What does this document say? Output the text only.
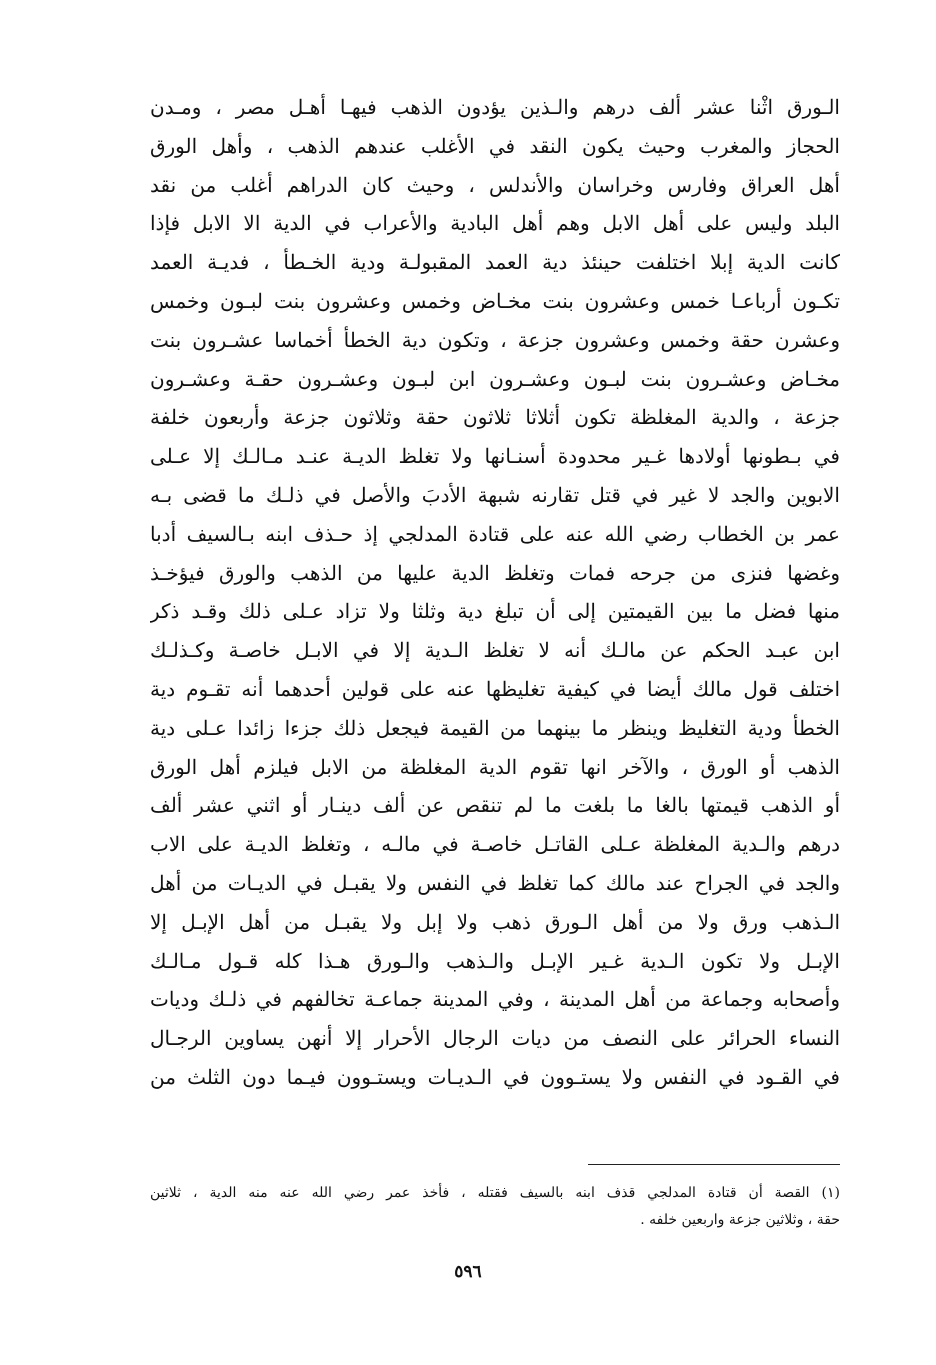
الـورق اثْنا عشر ألف درهم والـذين يؤدون الذهب فيهـا أهـل مصر ، ومـدن
الحجاز والمغرب وحيث يكون النقد في الأغلب عندهم الذهب ، وأهل الورق
أهل العراق وفارس وخراسان والأندلس ، وحيث كان الدراهم أغلب من نقد
البلد وليس على أهل الابل وهم أهل البادية والأعراب في الدية الا الابل فإذا
كانت الدية إبلا اختلفت حينئذ دية العمد المقبولـة ودية الخـطأ ، فديـة العمد
تكـون أرباعـا خمس وعشرون بنت مخـاض وخمس وعشرون بنت لبـون وخمس
وعشرن حقة وخمس وعشرون جزعة ، وتكون دية الخطأ أخماسا عشـرون بنت
مخـاض وعشـرون بنت لبـون وعشـرون ابن لبـون وعشـرون حقـة وعشـرون
جزعة ، والدية المغلظة تكون أثلاثا ثلاثون حقة وثلاثون جزعة وأربعون خلفة
في بـطونها أولادها غـير محدودة أسنـانها ولا تغلظ الديـة عنـد مـالـك إلا عـلى
الابوين والجد لا غير في قتل تقارنه شبهة الأدبَ والأصل في ذلـك ما قضى بـه
عمر بن الخطاب رضي الله عنه على قتادة المدلجي إذ حـذف ابنه بـالسيف أدبا
وغضها فنزى من جرحه فمات وتغلظ الدية عليها من الذهب والورق فيؤخـذ
منها فضل ما بين القيمتين إلى أن تبلغ دية وثلثا ولا تزاد عـلى ذلك وقـد ذكر
ابن عبـد الحكم عن مالـك أنه لا تغلظ الـدية إلا في الابـل خاصـة وكـذلـك
اختلف قول مالك أيضا في كيفية تغليظها عنه على قولين أحدهما أنه تقـوم دية
الخطأ ودية التغليظ وينظر ما بينهما من القيمة فيجعل ذلك جزءا زائدا عـلى دية
الذهب أو الورق ، والآخر انها تقوم الدية المغلظة من الابل فيلزم أهل الورق
أو الذهب قيمتها بالغا ما بلغت ما لم تنقص عن ألف دينـار أو اثني عشر ألف
درهم والـدية المغلظة عـلى القاتـل خاصـة في مالـه ، وتغلظ الديـة على الاب
والجد في الجراح عند مالك كما تغلظ في النفس ولا يقبـل في الديـات من أهل
الـذهب ورق ولا من أهل الـورق ذهب ولا إبل ولا يقبـل من أهل الإبـل إلا
الإبـل ولا تكون الـدية غـير الإبـل والـذهب والـورق هـذا كله قـول مـالـك
وأصحابه وجماعة من أهل المدينة ، وفي المدينة جماعـة تخالفهم في ذلـك وديات
النساء الحرائر على النصف من ديات الرجال الأحرار إلا أنهن يساوين الرجـال
في القـود في النفس ولا يستـوون في الـديـات ويستـوون فيـما دون الثلث من
(١) القصة أن قتادة المدلجي قذف ابنه بالسيف فقتله ، فأخذ عمر رضي الله عنه منه الدية ، ثلاثين
حقة ، وثلاثين جزعة واربعين خلفه .
٥٩٦
